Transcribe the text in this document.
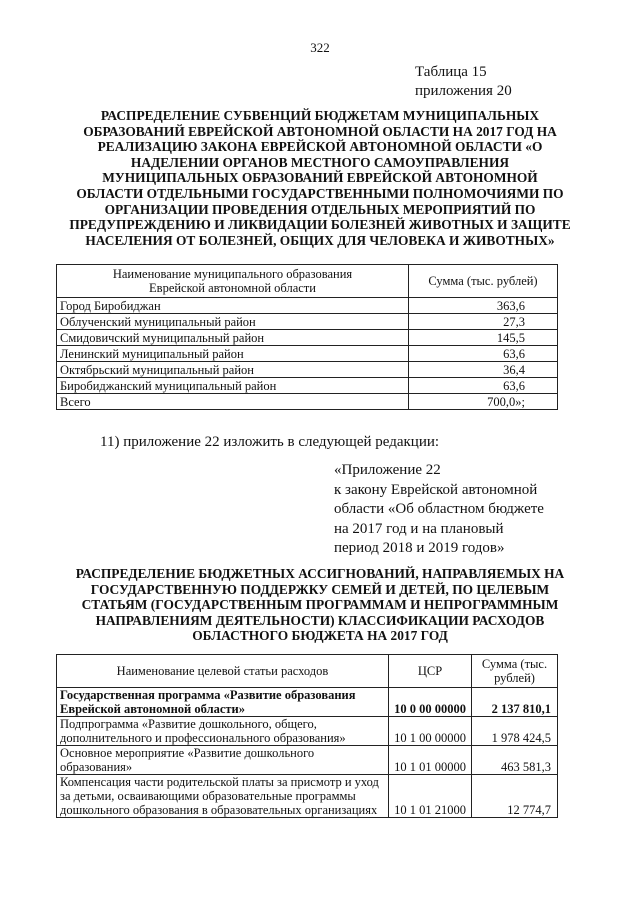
322
Таблица 15
приложения 20
РАСПРЕДЕЛЕНИЕ СУБВЕНЦИЙ БЮДЖЕТАМ МУНИЦИПАЛЬНЫХ
ОБРАЗОВАНИЙ ЕВРЕЙСКОЙ АВТОНОМНОЙ ОБЛАСТИ НА 2017 ГОД НА
РЕАЛИЗАЦИЮ ЗАКОНА ЕВРЕЙСКОЙ АВТОНОМНОЙ ОБЛАСТИ «О
НАДЕЛЕНИИ ОРГАНОВ МЕСТНОГО САМОУПРАВЛЕНИЯ
МУНИЦИПАЛЬНЫХ ОБРАЗОВАНИЙ ЕВРЕЙСКОЙ АВТОНОМНОЙ
ОБЛАСТИ ОТДЕЛЬНЫМИ ГОСУДАРСТВЕННЫМИ ПОЛНОМОЧИЯМИ ПО
ОРГАНИЗАЦИИ ПРОВЕДЕНИЯ ОТДЕЛЬНЫХ МЕРОПРИЯТИЙ ПО
ПРЕДУПРЕЖДЕНИЮ И ЛИКВИДАЦИИ БОЛЕЗНЕЙ ЖИВОТНЫХ И ЗАЩИТЕ
НАСЕЛЕНИЯ ОТ БОЛЕЗНЕЙ, ОБЩИХ ДЛЯ ЧЕЛОВЕКА И ЖИВОТНЫХ»
Наименование муниципального образования
Еврейской автономной области	Сумма (тыс. рублей)
Город Биробиджан	363,6
Облученский муниципальный район	27,3
Смидовичский муниципальный район	145,5
Ленинский муниципальный район	63,6
Октябрьский муниципальный район	36,4
Биробиджанский муниципальный район	63,6
Всего	700,0»;
11) приложение 22 изложить в следующей редакции:
«Приложение 22
к закону Еврейской автономной
области «Об областном бюджете
на 2017 год и на плановый
период 2018 и 2019 годов»
РАСПРЕДЕЛЕНИЕ БЮДЖЕТНЫХ АССИГНОВАНИЙ, НАПРАВЛЯЕМЫХ НА
ГОСУДАРСТВЕННУЮ ПОДДЕРЖКУ СЕМЕЙ И ДЕТЕЙ, ПО ЦЕЛЕВЫМ
СТАТЬЯМ (ГОСУДАРСТВЕННЫМ ПРОГРАММАМ И НЕПРОГРАММНЫМ
НАПРАВЛЕНИЯМ ДЕЯТЕЛЬНОСТИ) КЛАССИФИКАЦИИ РАСХОДОВ
ОБЛАСТНОГО БЮДЖЕТА НА 2017 ГОД
Наименование целевой статьи расходов	ЦСР	Сумма (тыс.
рублей)

Государственная программа «Развитие образования
Еврейской автономной области»	10 0 00 00000	2 137 810,1

Подпрограмма «Развитие дошкольного, общего,
дополнительного и профессионального образования»	10 1 00 00000	1 978 424,5

Основное мероприятие «Развитие дошкольного
образования»	10 1 01 00000	463 581,3

Компенсация части родительской платы за присмотр и уход
за детьми, осваивающими образовательные программы
дошкольного образования в образовательных организациях	10 1 01 21000	12 774,7
